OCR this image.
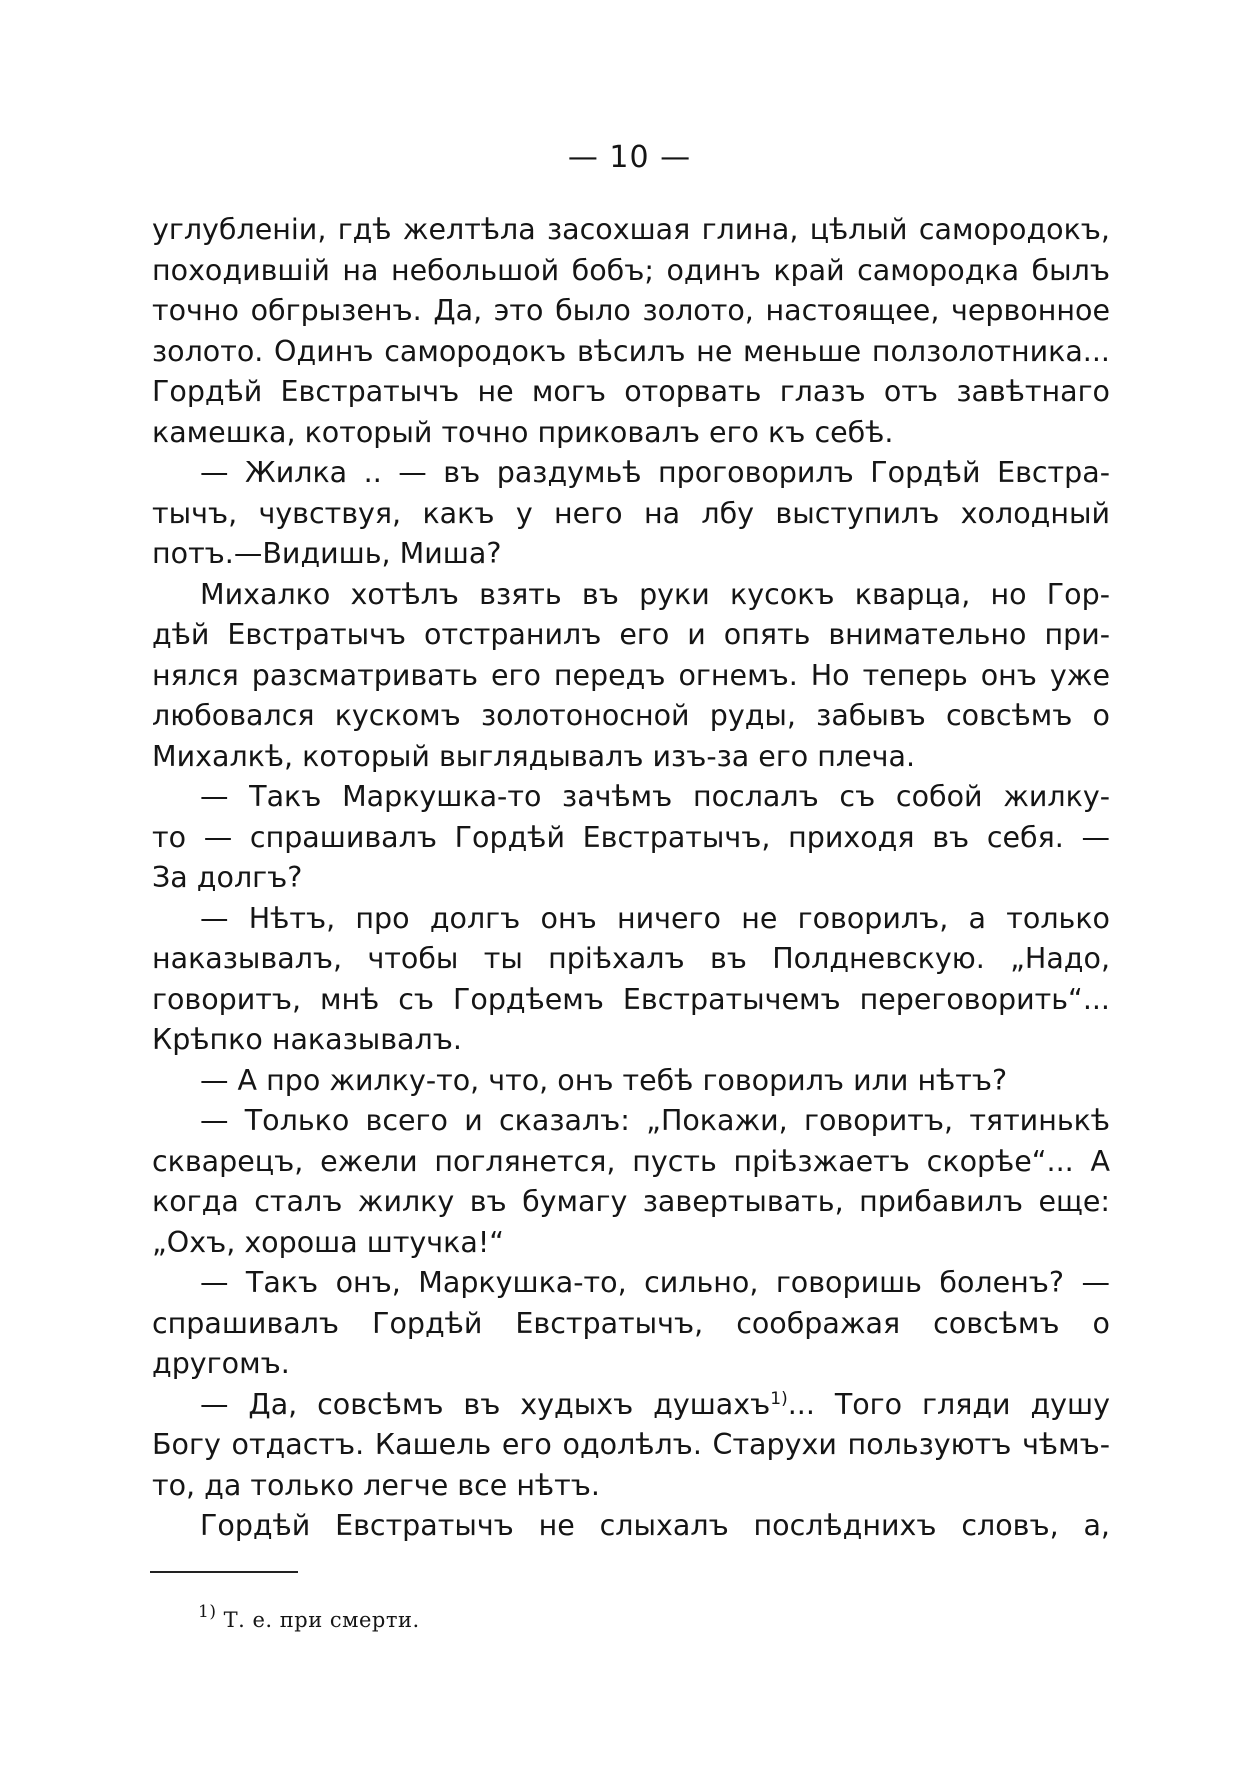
— 10 —
углубленіи, гдѣ желтѣла засохшая глина, цѣлый самородокъ,
походившій на небольшой бобъ; одинъ край самородка былъ
точно обгрызенъ. Да, это было золото, настоящее, червонное
золото. Одинъ самородокъ вѣсилъ не меньше ползолотника...
Гордѣй Евстратычъ не могъ оторвать глазъ отъ завѣтнаго
камешка, который точно приковалъ его къ себѣ.
— Жилка .. — въ раздумьѣ проговорилъ Гордѣй Евстра-
тычъ, чувствуя, какъ у него на лбу выступилъ холодный
потъ.—Видишь, Миша?
Михалко хотѣлъ взять въ руки кусокъ кварца, но Гор-
дѣй Евстратычъ отстранилъ его и опять внимательно при-
нялся разсматривать его передъ огнемъ. Но теперь онъ уже
любовался кускомъ золотоносной руды, забывъ совсѣмъ о
Михалкѣ, который выглядывалъ изъ-за его плеча.
— Такъ Маркушка-то зачѣмъ послалъ съ собой жилку-
то — спрашивалъ Гордѣй Евстратычъ, приходя въ себя. —
За долгъ?
— Нѣтъ, про долгъ онъ ничего не говорилъ, а только
наказывалъ, чтобы ты пріѣхалъ въ Полдневскую. „Надо,
говоритъ, мнѣ съ Гордѣемъ Евстратычемъ переговорить“...
Крѣпко наказывалъ.
— А про жилку-то, что, онъ тебѣ говорилъ или нѣтъ?
— Только всего и сказалъ: „Покажи, говоритъ, тятинькѣ
скварецъ, ежели поглянется, пусть пріѣзжаетъ скорѣе“... А
когда сталъ жилку въ бумагу завертывать, прибавилъ еще:
„Охъ, хороша штучка!“
— Такъ онъ, Маркушка-то, сильно, говоришь боленъ? —
спрашивалъ Гордѣй Евстратычъ, соображая совсѣмъ о
другомъ.
— Да, совсѣмъ въ худыхъ душахъ$^{1)}$... Того гляди душу
Богу отдастъ. Кашель его одолѣлъ. Старухи пользуютъ чѣмъ-
то, да только легче все нѣтъ.
Гордѣй Евстратычъ не слыхалъ послѣднихъ словъ, а,
$^{1)}$ Т. е. при смерти.
